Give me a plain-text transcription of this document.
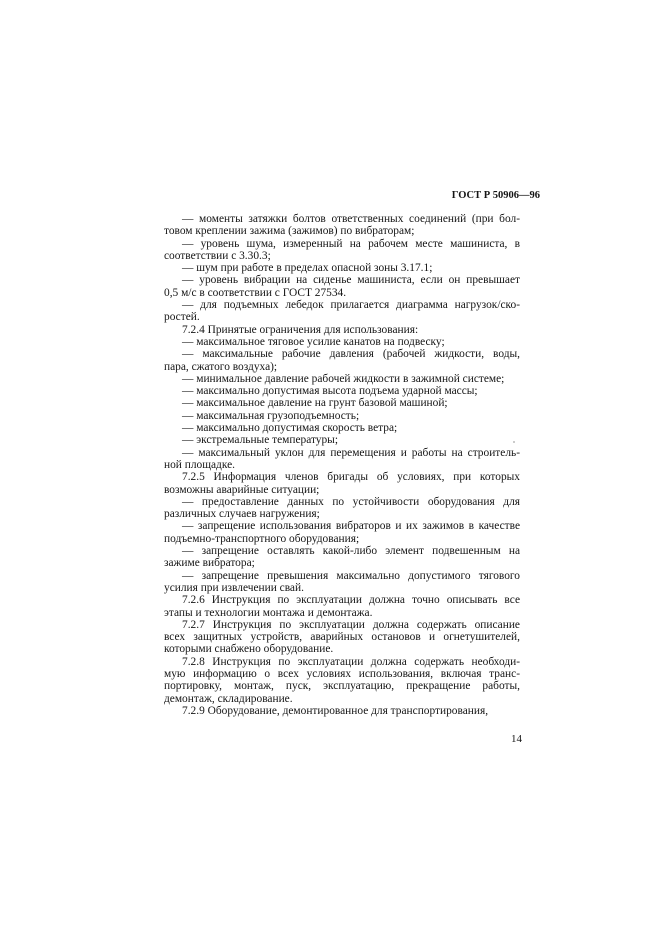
ГОСТ Р 50906—96
— моменты затяжки болтов ответственных соединений (при бол-
товом креплении зажима (зажимов) по вибраторам;
— уровень шума, измеренный на рабочем месте машиниста, в
соответствии с 3.30.3;
— шум при работе в пределах опасной зоны 3.17.1;
— уровень вибрации на сиденье машиниста, если он превышает
0,5 м/с в соответствии с ГОСТ 27534.
— для подъемных лебедок прилагается диаграмма нагрузок/ско-
ростей.
7.2.4 Принятые ограничения для использования:
— максимальное тяговое усилие канатов на подвеску;
— максимальные рабочие давления (рабочей жидкости, воды,
пара, сжатого воздуха);
— минимальное давление рабочей жидкости в зажимной системе;
— максимально допустимая высота подъема ударной массы;
— максимальное давление на грунт базовой машиной;
— максимальная грузоподъемность;
— максимально допустимая скорость ветра;
— экстремальные температуры;
— максимальный уклон для перемещения и работы на строитель-
ной площадке.
7.2.5 Информация членов бригады об условиях, при которых
возможны аварийные ситуации;
— предоставление данных по устойчивости оборудования для
различных случаев нагружения;
— запрещение использования вибраторов и их зажимов в качестве
подъемно-транспортного оборудования;
— запрещение оставлять какой-либо элемент подвешенным на
зажиме вибратора;
— запрещение превышения максимально допустимого тягового
усилия при извлечении свай.
7.2.6 Инструкция по эксплуатации должна точно описывать все
этапы и технологии монтажа и демонтажа.
7.2.7 Инструкция по эксплуатации должна содержать описание
всех защитных устройств, аварийных остановов и огнетушителей,
которыми снабжено оборудование.
7.2.8 Инструкция по эксплуатации должна содержать необходи-
мую информацию о всех условиях использования, включая транс-
портировку, монтаж, пуск, эксплуатацию, прекращение работы,
демонтаж, складирование.
7.2.9 Оборудование, демонтированное для транспортирования,
14
